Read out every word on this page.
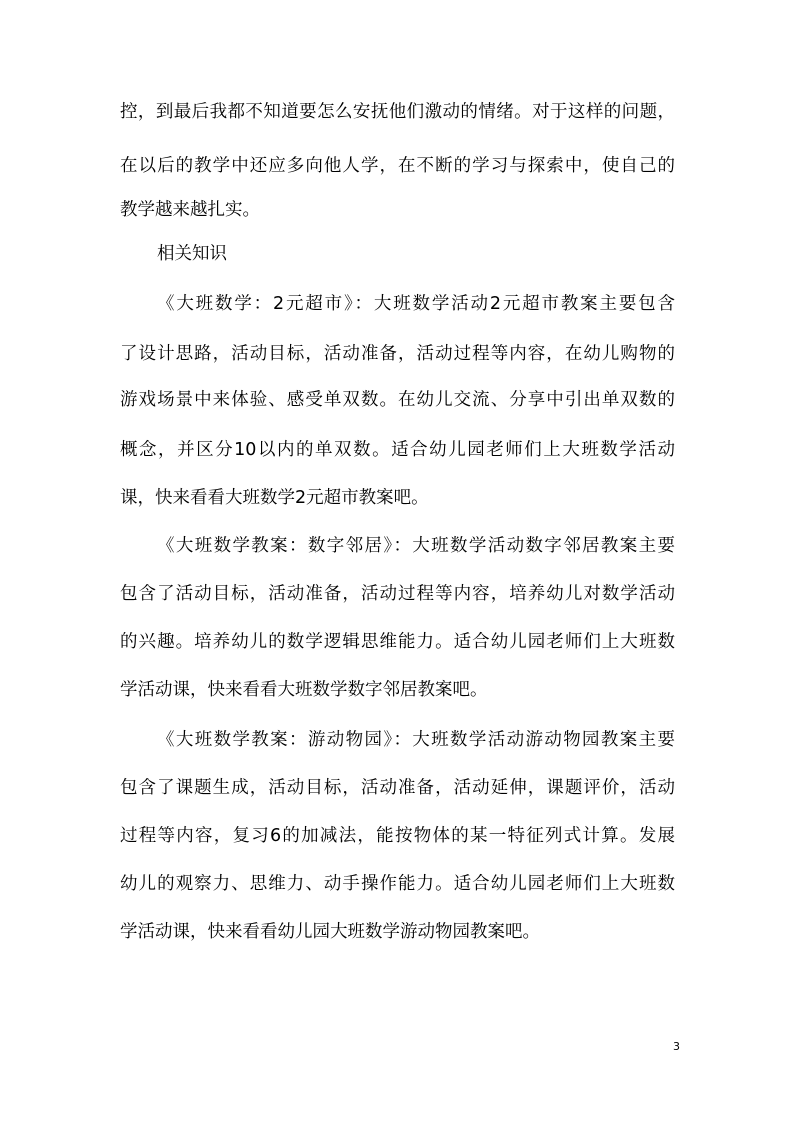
控，到最后我都不知道要怎么安抚他们激动的情绪。对于这样的问题，
在以后的教学中还应多向他人学，在不断的学习与探索中，使自己的
教学越来越扎实。
相关知识
《大班数学：2元超市》：大班数学活动2元超市教案主要包含
了设计思路，活动目标，活动准备，活动过程等内容，在幼儿购物的
游戏场景中来体验、感受单双数。在幼儿交流、分享中引出单双数的
概念，并区分10以内的单双数。适合幼儿园老师们上大班数学活动
课，快来看看大班数学2元超市教案吧。
《大班数学教案：数字邻居》：大班数学活动数字邻居教案主要
包含了活动目标，活动准备，活动过程等内容，培养幼儿对数学活动
的兴趣。培养幼儿的数学逻辑思维能力。适合幼儿园老师们上大班数
学活动课，快来看看大班数学数字邻居教案吧。
《大班数学教案：游动物园》：大班数学活动游动物园教案主要
包含了课题生成，活动目标，活动准备，活动延伸，课题评价，活动
过程等内容，复习6的加减法，能按物体的某一特征列式计算。发展
幼儿的观察力、思维力、动手操作能力。适合幼儿园老师们上大班数
学活动课，快来看看幼儿园大班数学游动物园教案吧。
3
